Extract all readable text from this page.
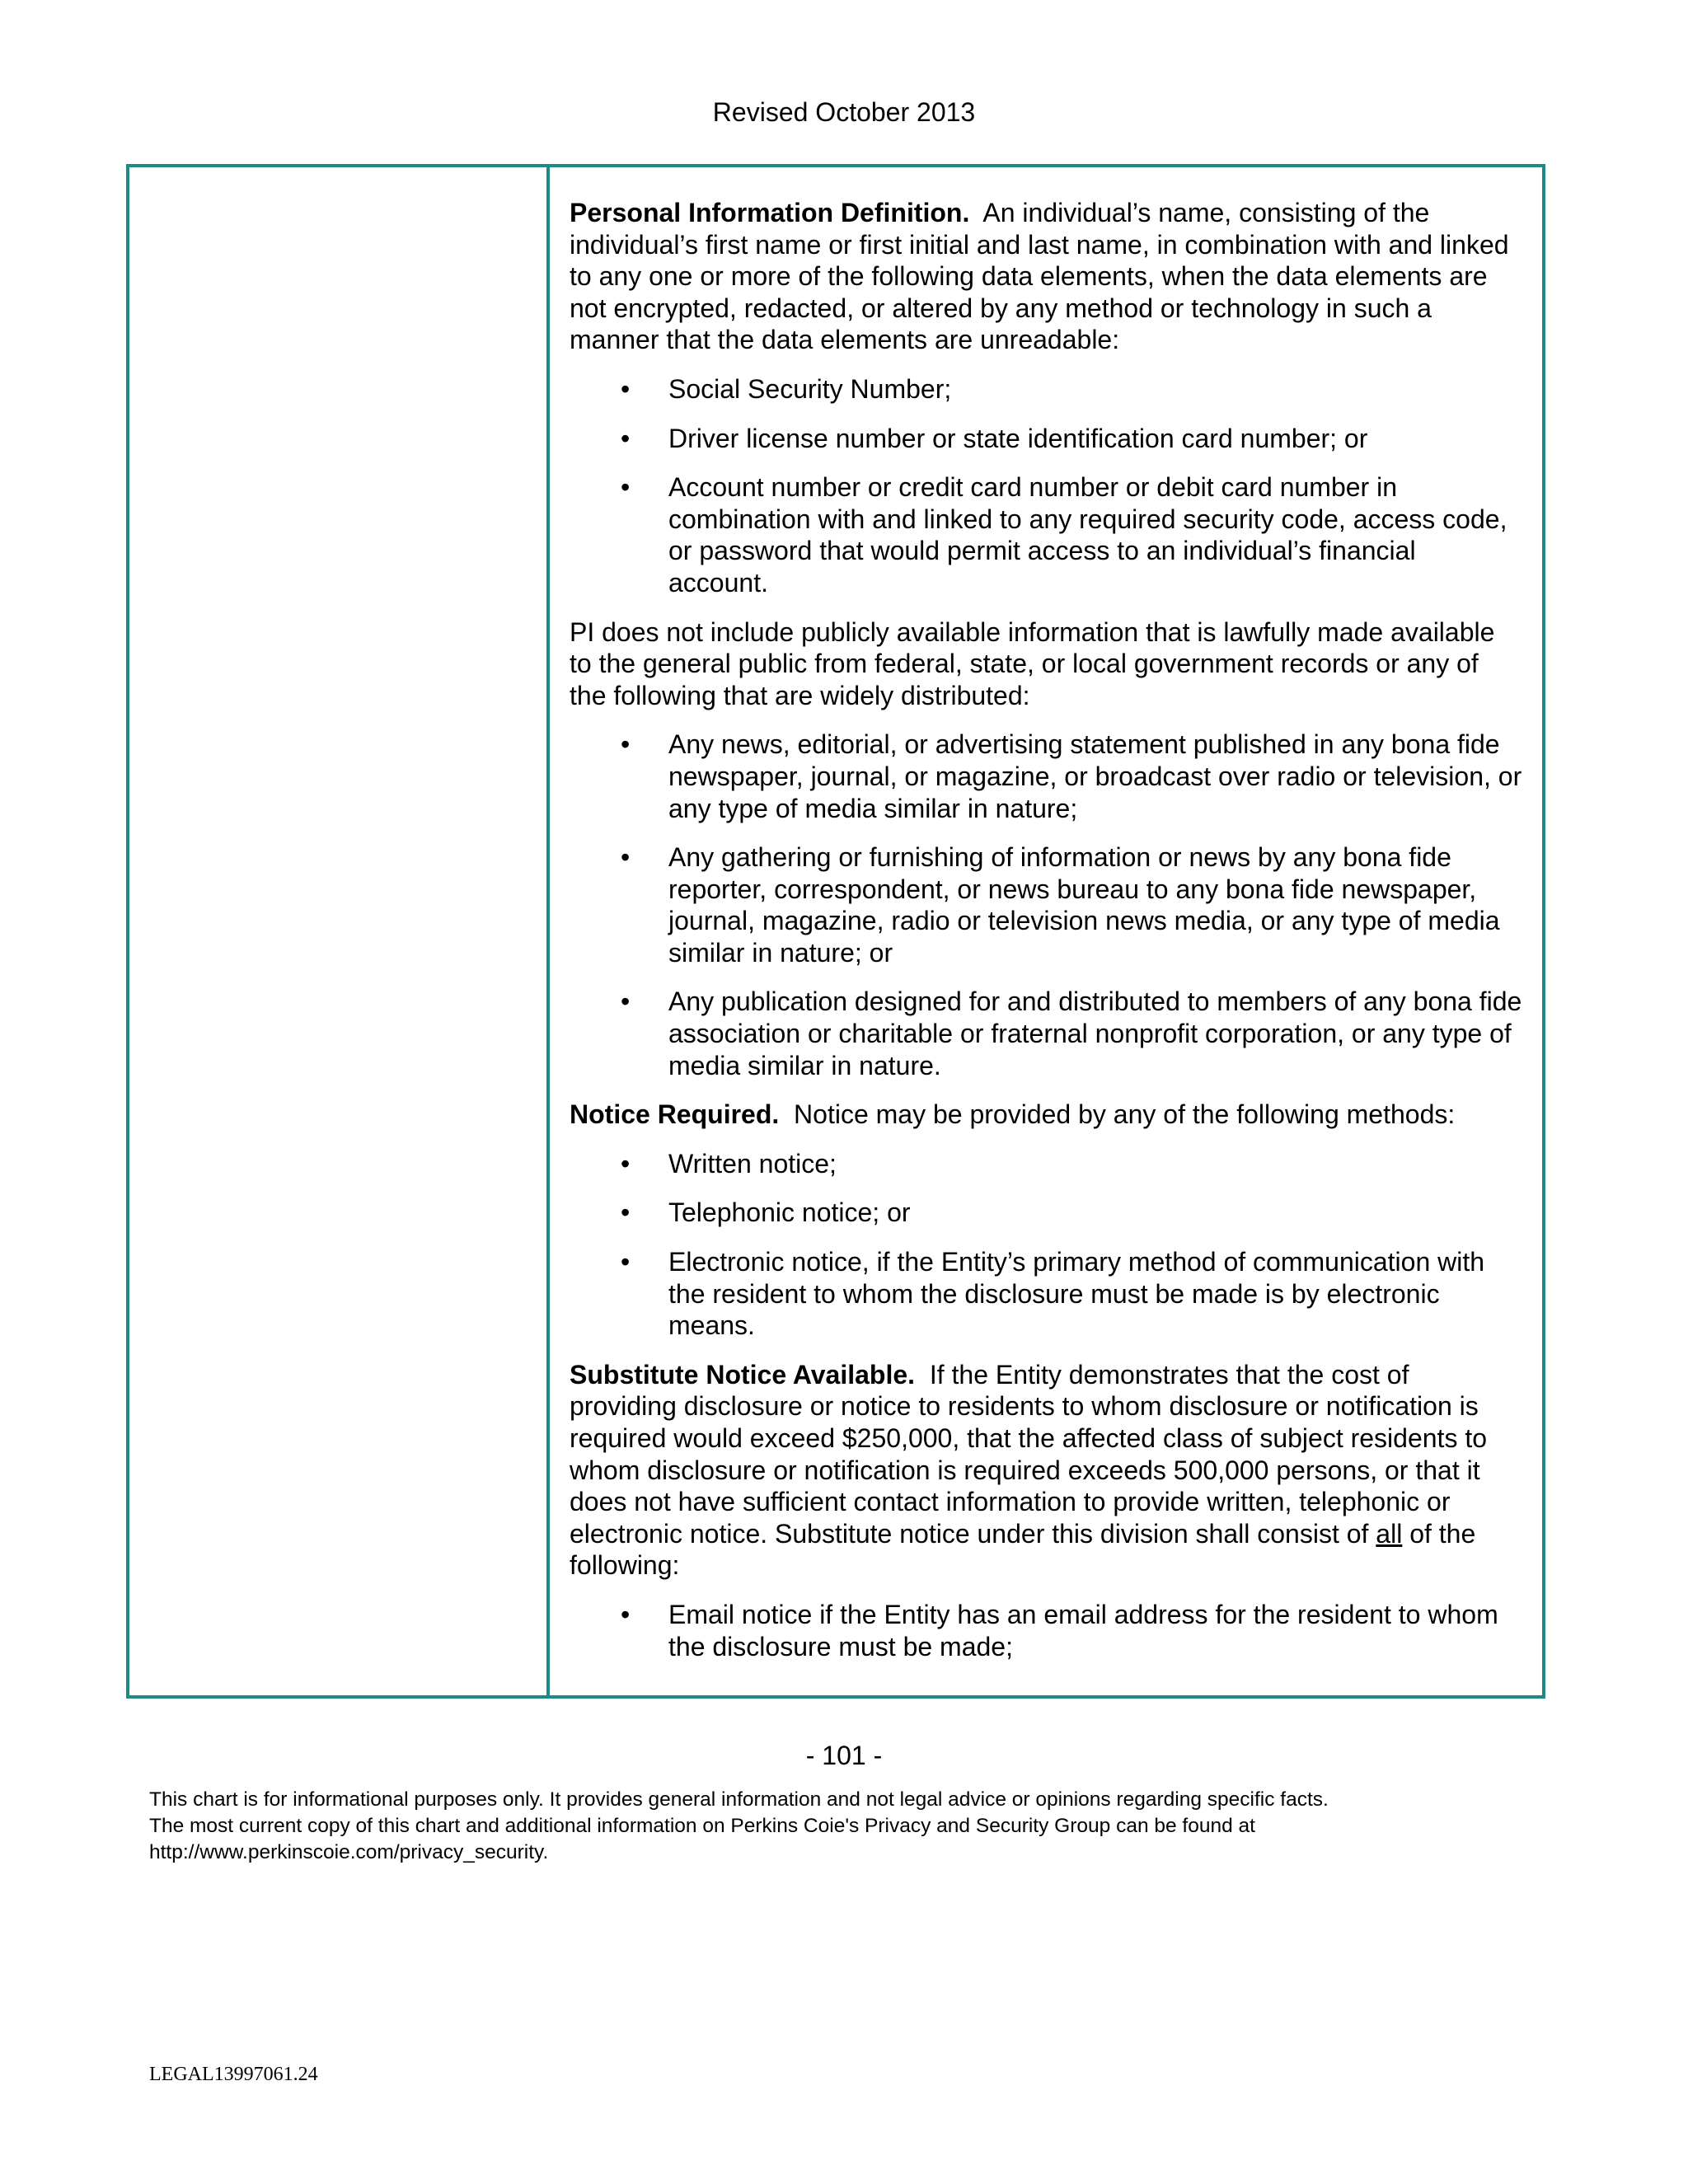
Revised October 2013

Personal Information Definition. An individual’s name, consisting of the individual’s first name or first initial and last name, in combination with and linked to any one or more of the following data elements, when the data elements are not encrypted, redacted, or altered by any method or technology in such a manner that the data elements are unreadable:

• Social Security Number;
• Driver license number or state identification card number; or
• Account number or credit card number or debit card number in combination with and linked to any required security code, access code, or password that would permit access to an individual’s financial account.

PI does not include publicly available information that is lawfully made available to the general public from federal, state, or local government records or any of the following that are widely distributed:

• Any news, editorial, or advertising statement published in any bona fide newspaper, journal, or magazine, or broadcast over radio or television, or any type of media similar in nature;
• Any gathering or furnishing of information or news by any bona fide reporter, correspondent, or news bureau to any bona fide newspaper, journal, magazine, radio or television news media, or any type of media similar in nature; or
• Any publication designed for and distributed to members of any bona fide association or charitable or fraternal nonprofit corporation, or any type of media similar in nature.

Notice Required. Notice may be provided by any of the following methods:

• Written notice;
• Telephonic notice; or
• Electronic notice, if the Entity’s primary method of communication with the resident to whom the disclosure must be made is by electronic means.

Substitute Notice Available. If the Entity demonstrates that the cost of providing disclosure or notice to residents to whom disclosure or notification is required would exceed $250,000, that the affected class of subject residents to whom disclosure or notification is required exceeds 500,000 persons, or that it does not have sufficient contact information to provide written, telephonic or electronic notice. Substitute notice under this division shall consist of all of the following:

• Email notice if the Entity has an email address for the resident to whom the disclosure must be made;
- 101 -
This chart is for informational purposes only. It provides general information and not legal advice or opinions regarding specific facts.
The most current copy of this chart and additional information on Perkins Coie's Privacy and Security Group can be found at
http://www.perkinscoie.com/privacy_security.
LEGAL13997061.24
